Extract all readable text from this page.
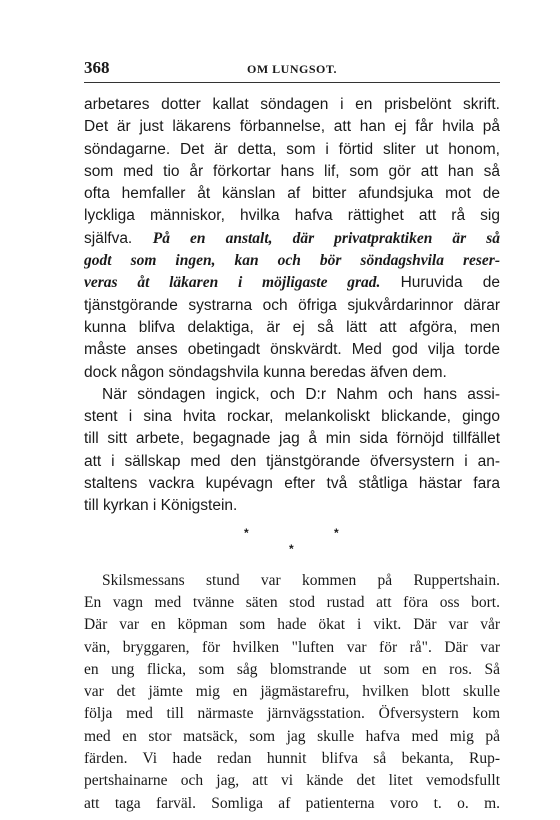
368	OM LUNGSOT.
arbetares dotter kallat söndagen i en prisbelönt skrift.
Det är just läkarens förbannelse, att han ej får hvila på
söndagarne. Det är detta, som i förtid sliter ut honom,
som med tio år förkortar hans lif, som gör att han så
ofta hemfaller åt känslan af bitter afundsjuka mot de
lyckliga människor, hvilka hafva rättighet att rå sig
själfva. På en anstalt, där privatpraktiken är så
godt som ingen, kan och bör söndagshvila reser-
veras åt läkaren i möjligaste grad. Huruvida de
tjänstgörande systrarna och öfriga sjukvårdarinnor därar
kunna blifva delaktiga, är ej så lätt att afgöra, men
måste anses obetingadt önskvärdt. Med god vilja torde
dock någon söndagshvila kunna beredas äfven dem.
När söndagen ingick, och D:r Nahm och hans assi-
stent i sina hvita rockar, melankoliskt blickande, gingo
till sitt arbete, begagnade jag å min sida förnöjd tillfället
att i sällskap med den tjänstgörande öfversystern i an-
staltens vackra kupévagn efter två ståtliga hästar fara
till kyrkan i Königstein.
*	*
*
Skilsmessans stund var kommen på Ruppertshain.
En vagn med tvänne säten stod rustad att föra oss bort.
Där var en köpman som hade ökat i vikt. Där var vår
vän, bryggaren, för hvilken "luften var för rå". Där var
en ung flicka, som såg blomstrande ut som en ros. Så
var det jämte mig en jägmästarefru, hvilken blott skulle
följa med till närmaste järnvägsstation. Öfversystern kom
med en stor matsäck, som jag skulle hafva med mig på
färden. Vi hade redan hunnit blifva så bekanta, Rup-
pertshainarne och jag, att vi kände det litet vemodsfullt
att taga farväl. Somliga af patienterna voro t. o. m.
